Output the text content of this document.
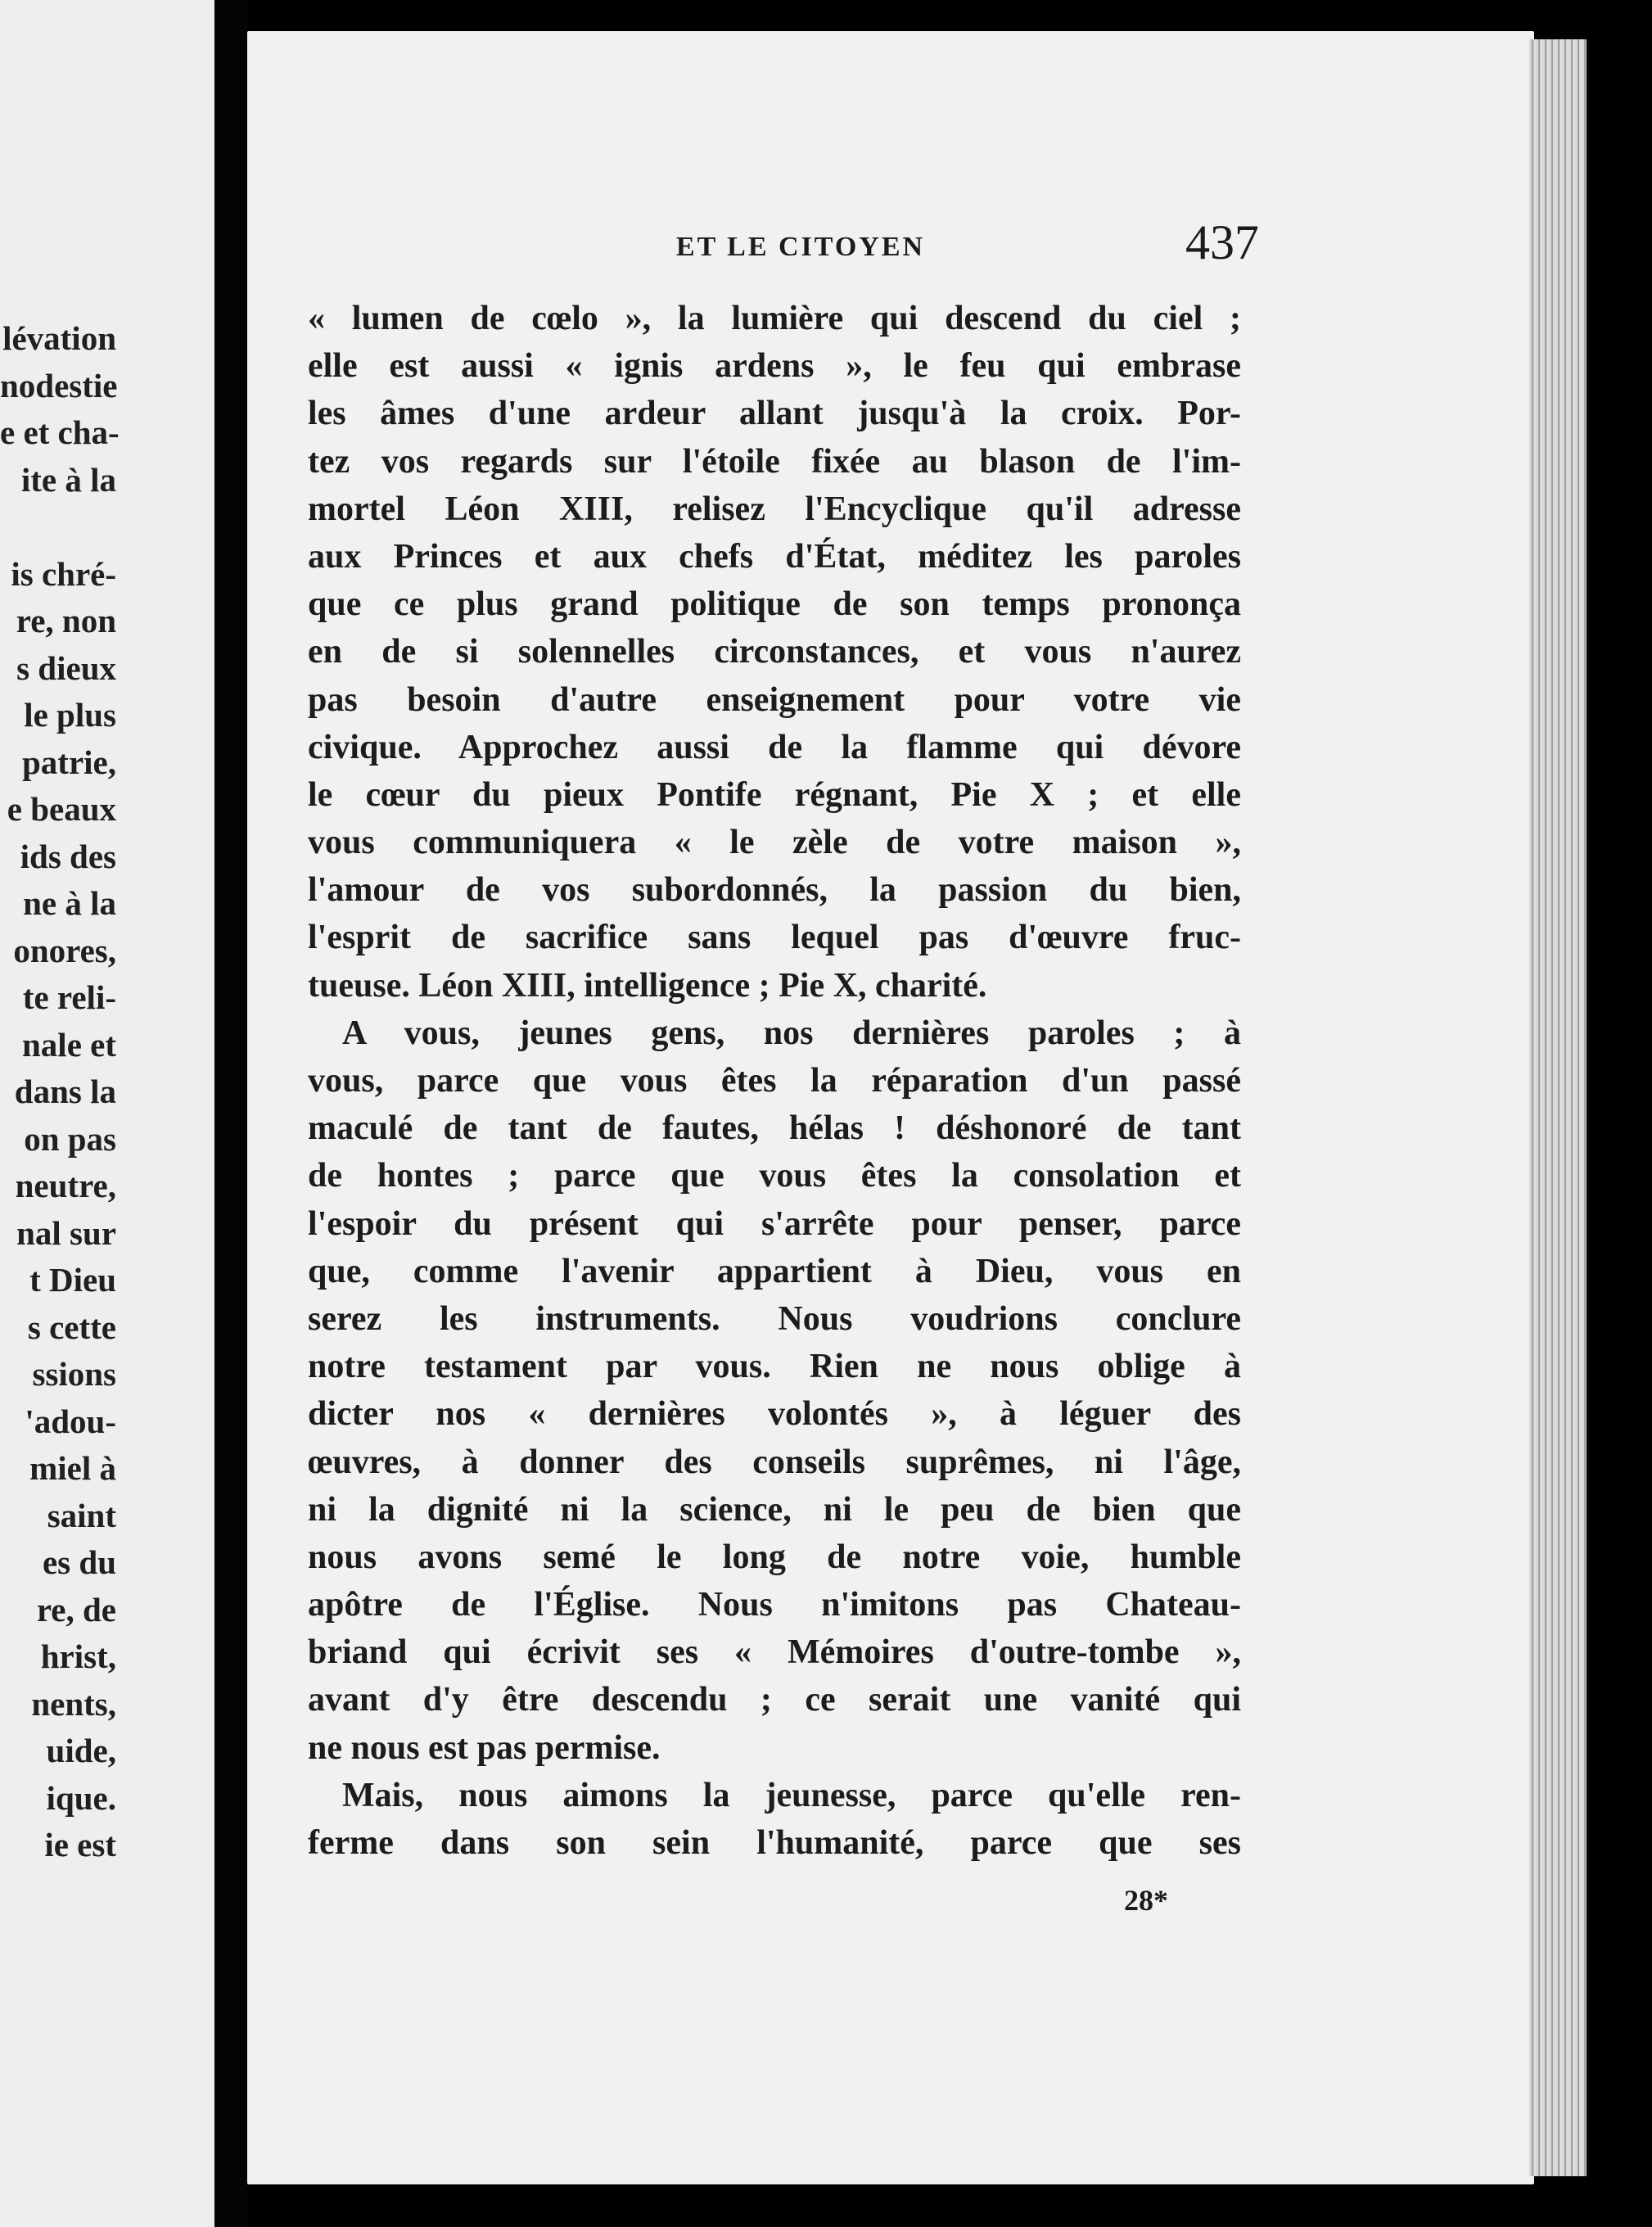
lévation
nodestie
e et cha-
ite à la
is chré-
re, non
s dieux
le plus
patrie,
e beaux
ids des
ne à la
onores,
te reli-
nale et
dans la
on pas
neutre,
nal sur
t Dieu
s cette
ssions
'adou-
miel à
saint
es du
re, de
hrist,
nents,
uide,
ique.
ie est
ET LE CITOYEN	437
« lumen de cœlo », la lumière qui descend du ciel ;
elle est aussi « ignis ardens », le feu qui embrase
les âmes d'une ardeur allant jusqu'à la croix. Por-
tez vos regards sur l'étoile fixée au blason de l'im-
mortel Léon XIII, relisez l'Encyclique qu'il adresse
aux Princes et aux chefs d'État, méditez les paroles
que ce plus grand politique de son temps prononça
en de si solennelles circonstances, et vous n'aurez
pas besoin d'autre enseignement pour votre vie
civique. Approchez aussi de la flamme qui dévore
le cœur du pieux Pontife régnant, Pie X ; et elle
vous communiquera « le zèle de votre maison »,
l'amour de vos subordonnés, la passion du bien,
l'esprit de sacrifice sans lequel pas d'œuvre fruc-
tueuse. Léon XIII, intelligence ; Pie X, charité.
A vous, jeunes gens, nos dernières paroles ; à
vous, parce que vous êtes la réparation d'un passé
maculé de tant de fautes, hélas ! déshonoré de tant
de hontes ; parce que vous êtes la consolation et
l'espoir du présent qui s'arrête pour penser, parce
que, comme l'avenir appartient à Dieu, vous en
serez les instruments. Nous voudrions conclure
notre testament par vous. Rien ne nous oblige à
dicter nos « dernières volontés », à léguer des
œuvres, à donner des conseils suprêmes, ni l'âge,
ni la dignité ni la science, ni le peu de bien que
nous avons semé le long de notre voie, humble
apôtre de l'Église. Nous n'imitons pas Chateau-
briand qui écrivit ses « Mémoires d'outre-tombe »,
avant d'y être descendu ; ce serait une vanité qui
ne nous est pas permise.
Mais, nous aimons la jeunesse, parce qu'elle ren-
ferme dans son sein l'humanité, parce que ses
28*
